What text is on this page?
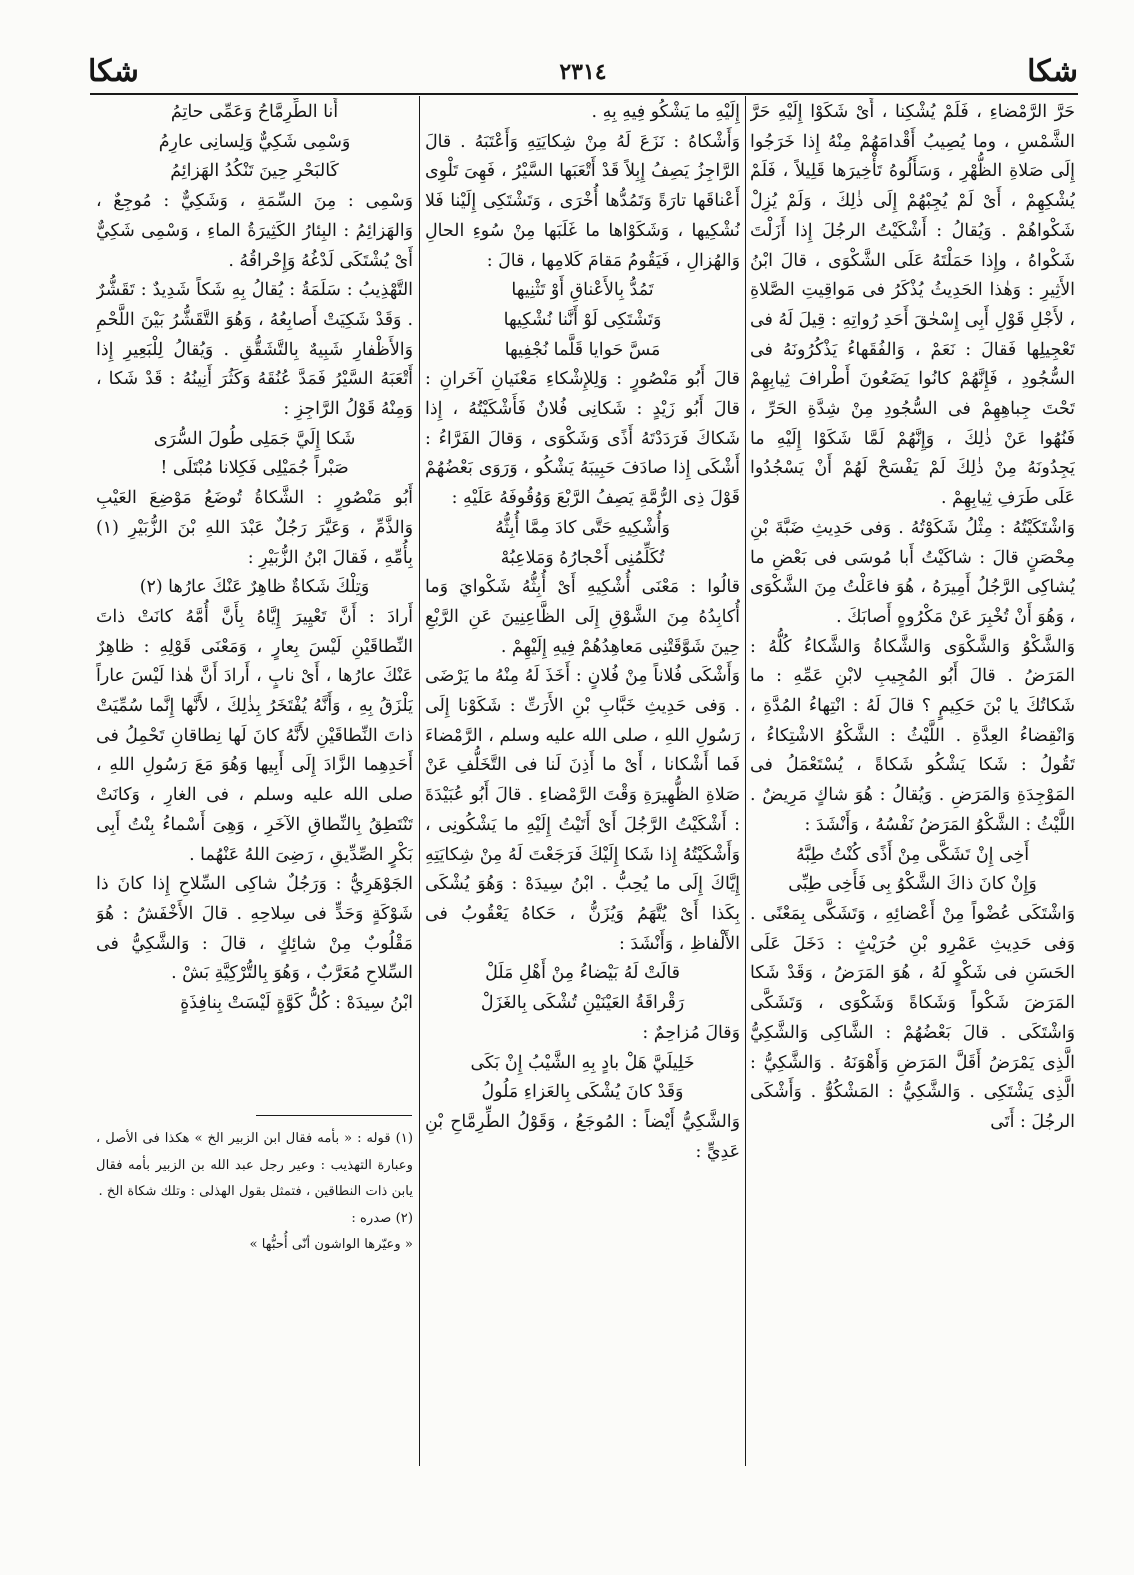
شكا
٢٣١٤
شكا

حَرَّ الرَّمْضاءِ ، فَلَمْ يُشْكِنا ، أَىْ شَكَوْا إِلَيْهِ حَرَّ الشَّمْسِ ، وما يُصِيبُ أَقْدامَهُمْ مِنْهُ إِذا خَرَجُوا إِلَى صَلاةِ الظُّهْرِ ، وَسَأَلُوهُ تَأْخِيرَها قَلِيلاً ، فَلَمْ يُشْكِهِمْ ، أَىْ لَمْ يُجِبْهُمْ إِلَى ذٰلِكَ ، وَلَمْ يُزِلْ شَكْواهُمْ . وَيُقالُ : أَشْكَيْتُ الرجُلَ إِذا أَزَلْتَ شَكْواهُ ، وإِذا حَمَلْتَهُ عَلَى الشَّكْوَى ، قالَ ابْنُ الأَثِيرِ : وَهٰذا الحَدِيثُ يُذْكَرُ فى مَواقِيتِ الصَّلاةِ ، لأَجْلِ قَوْلِ أَبِى إِسْحٰقَ أَحَدِ رُواتِهِ : قِيلَ لَهُ فى تَعْجِيلِها فَقالَ : نَعَمْ ، وَالفُقَهاءُ يَذْكُرُونَهُ فى السُّجُودِ ، فَإِنَّهُمْ كانُوا يَضَعُونَ أَطْرافَ ثِيابِهِمْ تَحْتَ جِباهِهِمْ فى السُّجُودِ مِنْ شِدَّةِ الحَرِّ ، فَنُهُوا عَنْ ذٰلِكَ ، وَإِنَّهُمْ لَمَّا شَكَوْا إِلَيْهِ ما يَجِدُونَهُ مِنْ ذٰلِكَ لَمْ يَفْسَحْ لَهُمْ أَنْ يَسْجُدُوا عَلَى طَرَفِ ثِيابِهِمْ .

وَاشْتَكَيْتُهُ : مِثْلُ شَكَوْتُهُ . وَفى حَدِيثِ ضَبَّةَ بْنِ مِحْصَنٍ قالَ : شاكَيْتُ أَبا مُوسَى فى بَعْضِ ما يُشاكِى الرَّجُلُ أَمِيرَهُ ، هُوَ فاعَلْتُ مِنَ الشَّكْوَى ، وَهُوَ أَنْ تُخْبِرَ عَنْ مَكْرُوهٍ أَصابَكَ .

وَالشَّكْوُ وَالشَّكْوَى وَالشَّكاةُ وَالشَّكاءُ كُلُّهُ : المَرَضُ . قالَ أَبُو المُجِيبِ لابْنِ عَمِّهِ : ما شَكاتُكَ يا بْنَ حَكِيمٍ ؟ قالَ لَهُ : انْتِهاءُ المُدَّةِ ، وَانْقِضاءُ العِدَّةِ . اللَّيْثُ : الشَّكْوُ الاشْتِكاءُ ، تَقُولُ : شَكا يَشْكُو شَكاةً ، يُسْتَعْمَلُ فى المَوْجِدَةِ وَالمَرَضِ . وَيُقالُ : هُوَ شاكٍ مَرِيضٌ . اللَّيْثُ : الشَّكْوُ المَرَضُ نَفْسُهُ ، وَأَنْشَدَ :

أَخِى إِنْ تَشَكَّى مِنْ أَذًى كُنْتُ طِبَّهُ

وَإِنْ كانَ ذاكَ الشَّكْوُ بِى فَأَخِى طِبِّى

وَاشْتَكَى عُضْواً مِنْ أَعْضائِهِ ، وَتَشَكَّى بِمَعْنًى . وَفى حَدِيثِ عَمْرِو بْنِ حُرَيْثٍ : دَخَلَ عَلَى الحَسَنِ فى شَكْوٍ لَهُ ، هُوَ المَرَضُ ، وَقَدْ شَكا المَرَضَ شَكْواً وَشَكاةً وَشَكْوَى ، وَتَشَكَّى وَاشْتَكَى . قالَ بَعْضُهُمْ : الشَّاكِى وَالشَّكِيُّ الَّذِى يَمْرَضُ أَقَلَّ المَرَضِ وَأَهْوَنَهُ . وَالشَّكِيُّ : الَّذِى يَشْتَكِى . وَالشَّكِيُّ : المَشْكُوُّ . وَأَشْكَى الرجُلَ : أَتَى

إِلَيْهِ ما يَشْكُو فِيهِ بِهِ .

وَأَشْكاهُ : نَزَعَ لَهُ مِنْ شِكايَتِهِ وَأَعْتَبَهُ . قالَ الرَّاجِزُ يَصِفُ إِبِلاً قَدْ أَتْعَبَها السَّيْرُ ، فَهِىَ تَلْوِى أَعْناقَها تارَةً وَتَمُدُّها أُخْرَى ، وَتَشْتَكِى إِلَيْنا فَلا نُشْكِيها ، وَشَكَوْاها ما غَلَبَها مِنْ سُوءِ الحالِ وَالهُزالِ ، فَيَقُومُ مَقامَ كَلامِها ، قالَ :

تَمُدُّ بِالأَعْناقِ أَوْ تَثْنِيها

وَتَشْتَكِى لَوْ أَنَّنا نُشْكِيها

مَسَّ حَوايا قَلَّما نُجْفِيها

قالَ أَبُو مَنْصُورٍ : وَلِلإِشْكاءِ مَعْنَيانِ آخَرانِ : قالَ أَبُو زَيْدٍ : شَكانِى فُلانٌ فَأَشْكَيْتُهُ ، إِذا شَكاكَ فَرَدَدْتَهُ أَذًى وَشَكْوَى ، وَقالَ الفَرَّاءُ : أَشْكَى إِذا صادَفَ حَبِيبَهُ يَشْكُو ، وَرَوَى بَعْضُهُمْ قَوْلَ ذِى الرُّمَّةِ يَصِفُ الرَّبْعَ وَوُقُوفَهُ عَلَيْهِ :

وَأُشْكِيهِ حَتَّى كادَ مِمَّا أُبِثُّهُ

تُكَلِّمُنِى أَحْجارُهُ وَمَلاعِبُهْ

قالُوا : مَعْنَى أُشْكِيهِ أَىْ أُبِثُّهُ شَكْوايَ وَما أُكابِدُهُ مِنَ الشَّوْقِ إِلَى الظَّاعِنِينَ عَنِ الرَّبْعِ حِينَ شَوَّقَتْنِى مَعاهِدُهُمْ فِيهِ إِلَيْهِمْ .

وَأَشْكَى فُلاناً مِنْ فُلانٍ : أَخَذَ لَهُ مِنْهُ ما يَرْضَى . وَفى حَدِيثِ خَبَّابِ بْنِ الأَرَتِّ : شَكَوْنا إِلَى رَسُولِ اللهِ ، صلى الله عليه وسلم ، الرَّمْضاءَ فَما أَشْكانا ، أَىْ ما أَذِنَ لَنا فى التَّخَلُّفِ عَنْ صَلاةِ الظُّهِيرَةِ وَقْتَ الرَّمْضاءِ . قالَ أَبُو عُبَيْدَةَ : أَشْكَيْتُ الرَّجُلَ أَىْ أَتَيْتُ إِلَيْهِ ما يَشْكُونِى ، وَأَشْكَيْتُهُ إِذا شَكا إِلَيْكَ فَرَجَعْتَ لَهُ مِنْ شِكايَتِهِ إِيَّاكَ إِلَى ما يُحِبُّ . ابْنُ سِيدَهْ : وَهُوَ يُشْكَى بِكَذا أَىْ يُتَّهَمُ وَيُزَنُّ ، حَكاهُ يَعْقُوبُ فى الأَلْفاظِ ، وَأَنْشَدَ :

قالَتْ لَهُ بَيْضاءُ مِنْ أَهْلِ مَلَلْ

رَقْراقَةُ العَيْنَيْنِ تُشْكَى بِالغَزَلْ

وَقالَ مُزاحِمٌ :

خَلِيلَيَّ هَلْ بادٍ بِهِ الشَّيْبُ إِنْ بَكَى

وَقَدْ كانَ يُشْكَى بِالعَزاءِ مَلُولُ

وَالشَّكِيُّ أَيْضاً : المُوجَعُ ، وَقَوْلُ الطِّرِمَّاحِ بْنِ عَدِيٍّ :

أَنا الطِّرِمَّاحُ وَعَمِّى حاتِمُ

وَسْمِى شَكِيٌّ وَلِسانِى عارِمُ

كَالبَحْرِ حِينَ تَنْكُدُ الهَزائِمُ

وَسْمِى : مِنَ السِّمَةِ ، وَشَكِيٌّ : مُوجِعٌ ، وَالهَزائِمُ : البِئارُ الكَثِيرَةُ الماءِ ، وَسْمِى شَكِيٌّ أَىْ يُشْتَكَى لَدْغُهُ وَإِحْراقُهُ .

التَّهْذِيبُ : سَلَمَةُ : يُقالُ بِهِ شَكاً شَدِيدٌ : تَقَشُّرٌ . وَقَدْ شَكِيَتْ أَصابِعُهُ ، وَهُوَ التَّقَشُّرُ بَيْنَ اللَّحْمِ وَالأَظْفارِ شَبِيهٌ بِالتَّشَقُّقِ . وَيُقالُ لِلْبَعِيرِ إِذا أَتْعَبَهُ السَّيْرُ فَمَدَّ عُنُقَهُ وَكَثُرَ أَنِينُهُ : قَدْ شَكا ، وَمِنْهُ قَوْلُ الرَّاجِزِ :

شَكا إِلَيَّ جَمَلِى طُولَ السُّرَى

صَبْراً جُمَيْلِى فَكِلانا مُبْتَلَى !

أَبُو مَنْصُورٍ : الشَّكاةُ تُوضَعُ مَوْضِعَ العَيْبِ وَالذَّمِّ ، وَعَيَّرَ رَجُلٌ عَبْدَ اللهِ بْنَ الزُّبَيْرِ (١) بِأُمِّهِ ، فَقالَ ابْنُ الزُّبَيْرِ :

وَتِلْكَ شَكاةٌ ظاهِرٌ عَنْكَ عارُها (٢)

أَرادَ : أَنَّ تَعْيِيرَ إِيَّاهُ بِأَنَّ أُمَّهُ كانَتْ ذاتَ النِّطاقَيْنِ لَيْسَ بِعارٍ ، وَمَعْنَى قَوْلِهِ : ظاهِرٌ عَنْكَ عارُها ، أَىْ نابٍ ، أَرادَ أَنَّ هٰذا لَيْسَ عاراً يَلْزَقُ بِهِ ، وَأَنَّهُ يُفْتَخَرُ بِذٰلِكَ ، لأَنَّها إِنَّما سُمِّيَتْ ذاتَ النِّطاقَيْنِ لأَنَّهُ كانَ لَها نِطاقانِ تَحْمِلُ فى أَحَدِهِما الزَّادَ إِلَى أَبِيها وَهُوَ مَعَ رَسُولِ اللهِ ، صلى الله عليه وسلم ، فى الغارِ ، وَكانَتْ تَنْتَطِقُ بِالنِّطاقِ الآخَرِ ، وَهِىَ أَسْماءُ بِنْتُ أَبِى بَكْرٍ الصِّدِّيقِ ، رَضِىَ اللهُ عَنْهُما .

الجَوْهَرِيُّ : وَرَجُلٌ شاكِى السِّلاحِ إِذا كانَ ذا شَوْكَةٍ وَحَدٍّ فى سِلاحِهِ . قالَ الأَخْفَشُ : هُوَ مَقْلُوبٌ مِنْ شائِكٍ ، قالَ : وَالشَّكِيُّ فى السِّلاحِ مُعَرَّبٌ ، وَهُوَ بِالتُّرْكِيَّةِ بَشْ .

ابْنُ سِيدَهْ : كُلُّ كَوَّةٍ لَيْسَتْ بِنافِذَةٍ

(١) قوله : « بأمه فقال ابن الزبير الخ » هكذا فى الأصل ، وعبارة التهذيب : وعير رجل عبد الله بن الزبير بأمه فقال يابن ذات النطاقين ، فتمثل بقول الهذلى : وتلك شكاة الخ .

(٢) صدره :

« وعيّرها الواشون أنّى أُحبُّها »
